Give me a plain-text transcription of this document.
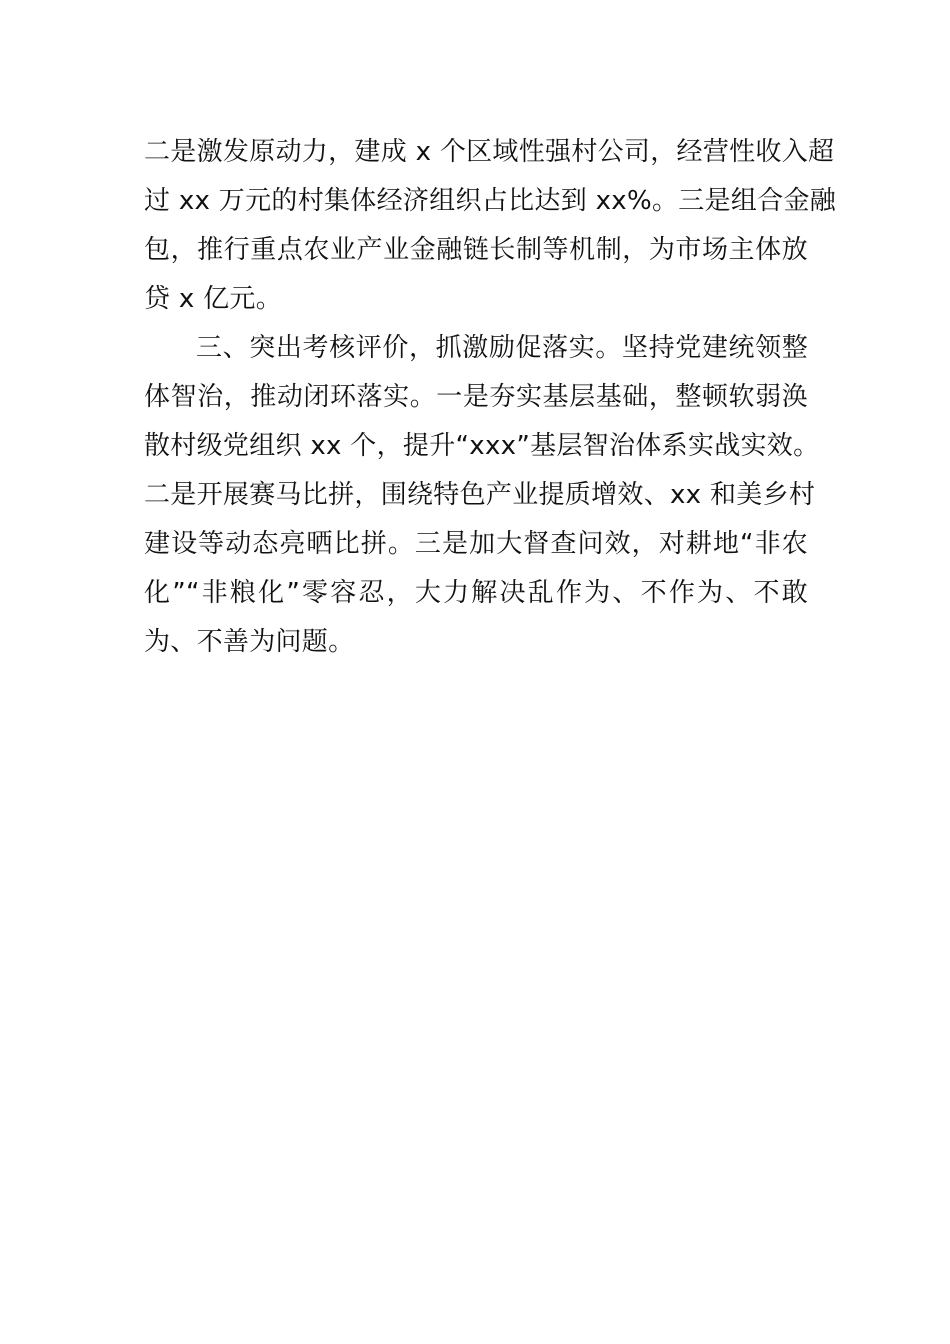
二是激发原动力，建成 x 个区域性强村公司，经营性收入超
过 xx 万元的村集体经济组织占比达到 xx%。三是组合金融
包，推行重点农业产业金融链长制等机制，为市场主体放
贷 x 亿元。
三、突出考核评价，抓激励促落实。坚持党建统领整
体智治，推动闭环落实。一是夯实基层基础，整顿软弱涣
散村级党组织 xx 个，提升“xxx”基层智治体系实战实效。
二是开展赛马比拼，围绕特色产业提质增效、xx 和美乡村
建设等动态亮晒比拼。三是加大督查问效，对耕地“非农
化”“非粮化”零容忍，大力解决乱作为、不作为、不敢
为、不善为问题。
